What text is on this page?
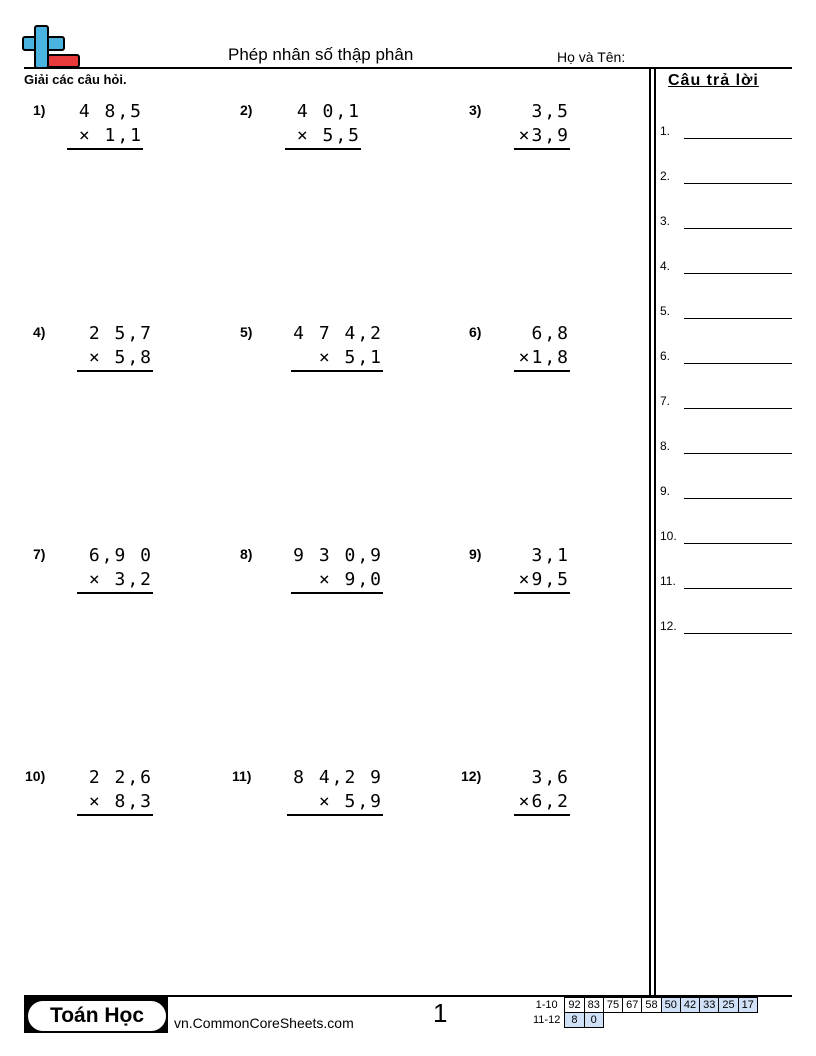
Phép nhân số thập phân	Họ và Tên:
Giải các câu hỏi.	Câu trả lời
1.
2.
3.
4.
5.
6.
7.
8.
9.
10.
11.
12.
1)	4 8,5
× 1,1
2)	4 0,1
× 5,5
3)	3,5
×3,9
4)	2 5,7
× 5,8
5) 4 7 4,2
× 5,1
6)	6,8
×1,8
7)	6,9 0
× 3,2
8) 9 3 0,9
× 9,0
9)	3,1
×9,5
10)	2 2,6
× 8,3
11)	8 4,2 9
× 5,9
12)	3,6
×6,2
Toán Học	vn.CommonCoreSheets.com	1	1-10	92	83	75	67	58	50	42	33	25	17
11-12	8	0								
